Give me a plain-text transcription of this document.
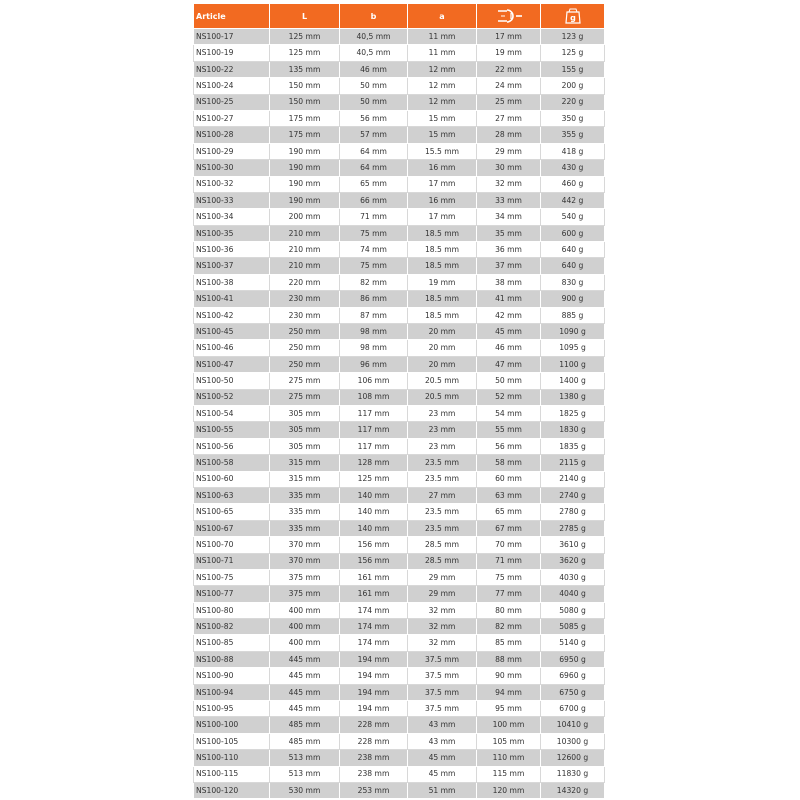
Article	L	b	a		g

NS100-17	125 mm	40,5 mm	11 mm	17 mm	123 g
NS100-19	125 mm	40,5 mm	11 mm	19 mm	125 g
NS100-22	135 mm	46 mm	12 mm	22 mm	155 g
NS100-24	150 mm	50 mm	12 mm	24 mm	200 g
NS100-25	150 mm	50 mm	12 mm	25 mm	220 g
NS100-27	175 mm	56 mm	15 mm	27 mm	350 g
NS100-28	175 mm	57 mm	15 mm	28 mm	355 g
NS100-29	190 mm	64 mm	15.5 mm	29 mm	418 g
NS100-30	190 mm	64 mm	16 mm	30 mm	430 g
NS100-32	190 mm	65 mm	17 mm	32 mm	460 g
NS100-33	190 mm	66 mm	16 mm	33 mm	442 g
NS100-34	200 mm	71 mm	17 mm	34 mm	540 g
NS100-35	210 mm	75 mm	18.5 mm	35 mm	600 g
NS100-36	210 mm	74 mm	18.5 mm	36 mm	640 g
NS100-37	210 mm	75 mm	18.5 mm	37 mm	640 g
NS100-38	220 mm	82 mm	19 mm	38 mm	830 g
NS100-41	230 mm	86 mm	18.5 mm	41 mm	900 g
NS100-42	230 mm	87 mm	18.5 mm	42 mm	885 g
NS100-45	250 mm	98 mm	20 mm	45 mm	1090 g
NS100-46	250 mm	98 mm	20 mm	46 mm	1095 g
NS100-47	250 mm	96 mm	20 mm	47 mm	1100 g
NS100-50	275 mm	106 mm	20.5 mm	50 mm	1400 g
NS100-52	275 mm	108 mm	20.5 mm	52 mm	1380 g
NS100-54	305 mm	117 mm	23 mm	54 mm	1825 g
NS100-55	305 mm	117 mm	23 mm	55 mm	1830 g
NS100-56	305 mm	117 mm	23 mm	56 mm	1835 g
NS100-58	315 mm	128 mm	23.5 mm	58 mm	2115 g
NS100-60	315 mm	125 mm	23.5 mm	60 mm	2140 g
NS100-63	335 mm	140 mm	27 mm	63 mm	2740 g
NS100-65	335 mm	140 mm	23.5 mm	65 mm	2780 g
NS100-67	335 mm	140 mm	23.5 mm	67 mm	2785 g
NS100-70	370 mm	156 mm	28.5 mm	70 mm	3610 g
NS100-71	370 mm	156 mm	28.5 mm	71 mm	3620 g
NS100-75	375 mm	161 mm	29 mm	75 mm	4030 g
NS100-77	375 mm	161 mm	29 mm	77 mm	4040 g
NS100-80	400 mm	174 mm	32 mm	80 mm	5080 g
NS100-82	400 mm	174 mm	32 mm	82 mm	5085 g
NS100-85	400 mm	174 mm	32 mm	85 mm	5140 g
NS100-88	445 mm	194 mm	37.5 mm	88 mm	6950 g
NS100-90	445 mm	194 mm	37.5 mm	90 mm	6960 g
NS100-94	445 mm	194 mm	37.5 mm	94 mm	6750 g
NS100-95	445 mm	194 mm	37.5 mm	95 mm	6700 g
NS100-100	485 mm	228 mm	43 mm	100 mm	10410 g
NS100-105	485 mm	228 mm	43 mm	105 mm	10300 g
NS100-110	513 mm	238 mm	45 mm	110 mm	12600 g
NS100-115	513 mm	238 mm	45 mm	115 mm	11830 g
NS100-120	530 mm	253 mm	51 mm	120 mm	14320 g
